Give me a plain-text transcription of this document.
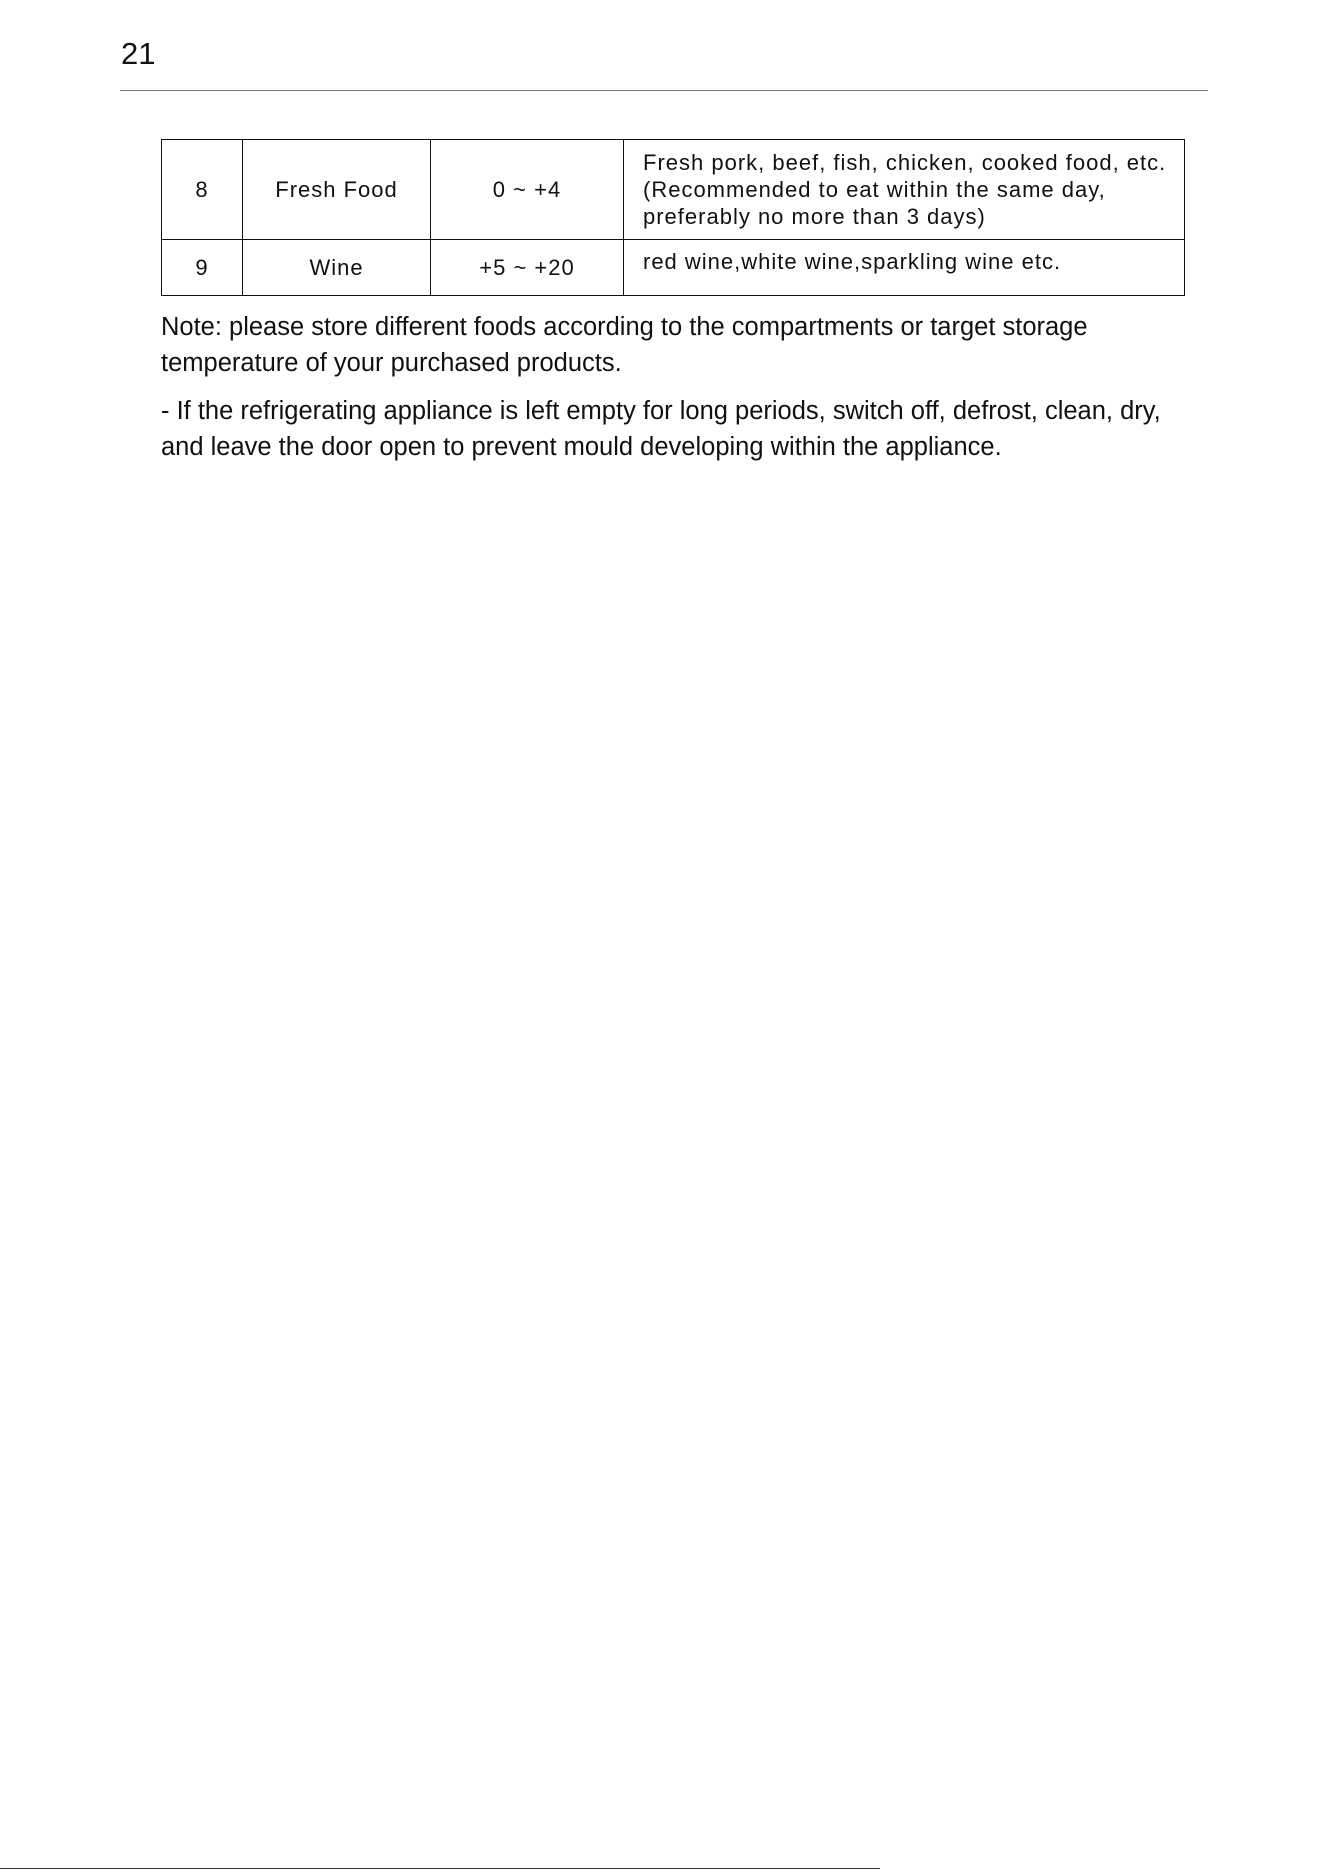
21
8	Fresh Food	0 ~ +4	Fresh pork, beef, fish, chicken, cooked food, etc.
(Recommended to eat within the same day,
preferably no more than 3 days)
9	Wine	+5 ~ +20	red wine,white wine,sparkling wine etc.

Note: please store different foods according to the compartments or target storage temperature of your purchased products.

- If the refrigerating appliance is left empty for long periods, switch off, defrost, clean, dry, and leave the door open to prevent mould developing within the appliance.
